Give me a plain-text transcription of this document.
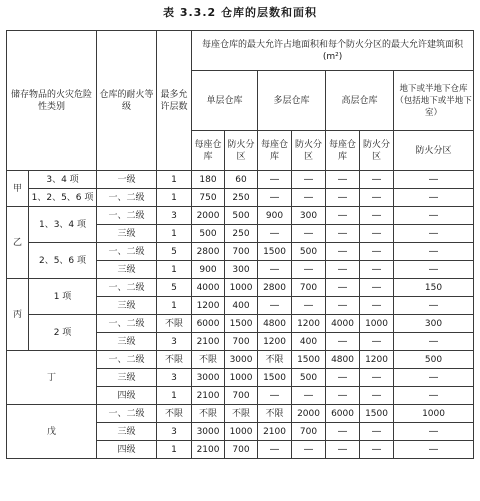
表 3.3.2 仓库的层数和面积
储存物品的火灾危险性类别		仓库的耐火等级	最多允许层数	每座仓库的最大允许占地面积和每个防火分区的最大允许建筑面积 (m²)						
				单层仓库		多层仓库		高层仓库		地下或半地下仓库（包括地下或半地下室）
				每座仓库	防火分区	每座仓库	防火分区	每座仓库	防火分区	防火分区
甲	3、4 项	一级	1	180	60	—	—	—	—	—
	1、2、5、6 项	一、二级	1	750	250	—	—	—	—	—
乙	1、3、4 项	一、二级	3	2000	500	900	300	—	—	—
		三级	1	500	250	—	—	—	—	—
	2、5、6 项	一、二级	5	2800	700	1500	500	—	—	—
		三级	1	900	300	—	—	—	—	—
丙	1 项	一、二级	5	4000	1000	2800	700	—	—	150
		三级	1	1200	400	—	—	—	—	—
	2 项	一、二级	不限	6000	1500	4800	1200	4000	1000	300
		三级	3	2100	700	1200	400	—	—	—
丁		一、二级	不限	不限	3000	不限	1500	4800	1200	500
		三级	3	3000	1000	1500	500	—	—	—
		四级	1	2100	700	—	—	—	—	—
戊		一、二级	不限	不限	不限	不限	2000	6000	1500	1000
		三级	3	3000	1000	2100	700	—	—	—
		四级	1	2100	700	—	—	—	—	—
